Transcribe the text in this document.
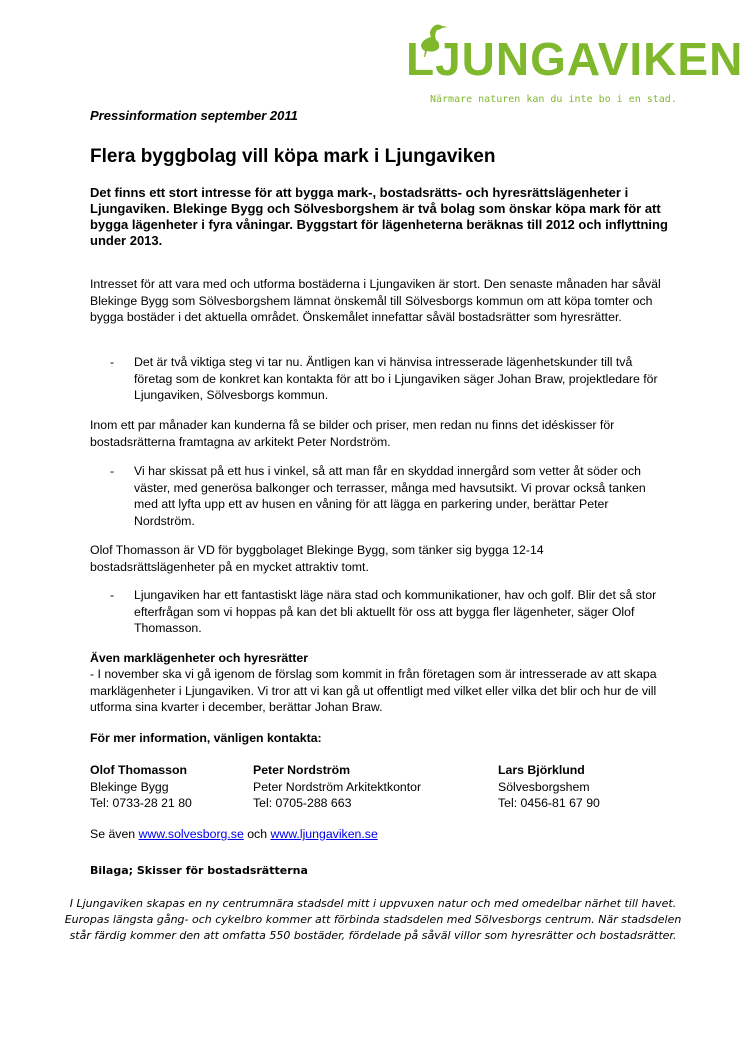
LJUNGAVIKEN
Närmare naturen kan du inte bo i en stad.
Pressinformation september 2011
Flera byggbolag vill köpa mark i Ljungaviken

Det finns ett stort intresse för att bygga mark-, bostadsrätts- och hyresrättslägenheter i Ljungaviken. Blekinge Bygg och Sölvesborgshem är två bolag som önskar köpa mark för att bygga lägenheter i fyra våningar. Byggstart för lägenheterna beräknas till 2012 och inflyttning under 2013.

Intresset för att vara med och utforma bostäderna i Ljungaviken är stort. Den senaste månaden har såväl Blekinge Bygg som Sölvesborgshem lämnat önskemål till Sölvesborgs kommun om att köpa tomter och bygga bostäder i det aktuella området. Önskemålet innefattar såväl bostadsrätter som hyresrätter.

- Det är två viktiga steg vi tar nu. Äntligen kan vi hänvisa intresserade lägenhetskunder till två företag som de konkret kan kontakta för att bo i Ljungaviken säger Johan Braw, projektledare för Ljungaviken, Sölvesborgs kommun.

Inom ett par månader kan kunderna få se bilder och priser, men redan nu finns det idéskisser för bostadsrätterna framtagna av arkitekt Peter Nordström.

- Vi har skissat på ett hus i vinkel, så att man får en skyddad innergård som vetter åt söder och väster, med generösa balkonger och terrasser, många med havsutsikt. Vi provar också tanken med att lyfta upp ett av husen en våning för att lägga en parkering under, berättar Peter Nordström.

Olof Thomasson är VD för byggbolaget Blekinge Bygg, som tänker sig bygga 12-14 bostadsrättslägenheter på en mycket attraktiv tomt.

- Ljungaviken har ett fantastiskt läge nära stad och kommunikationer, hav och golf. Blir det så stor efterfrågan som vi hoppas på kan det bli aktuellt för oss att bygga fler lägenheter, säger Olof Thomasson.
Även marklägenheter och hyresrätter

- I november ska vi gå igenom de förslag som kommit in från företagen som är intresserade av att skapa marklägenheter i Ljungaviken. Vi tror att vi kan gå ut offentligt med vilket eller vilka det blir och hur de vill utforma sina kvarter i december, berättar Johan Braw.

För mer information, vänligen kontakta:
Olof Thomasson
Blekinge Bygg
Tel: 0733-28 21 80
Peter Nordström
Peter Nordström Arkitektkontor
Tel: 0705-288 663
Lars Björklund
Sölvesborgshem
Tel: 0456-81 67 90
Se även www.solvesborg.se och www.ljungaviken.se
Bilaga; Skisser för bostadsrätterna

I Ljungaviken skapas en ny centrumnära stadsdel mitt i uppvuxen natur och med omedelbar närhet till havet. Europas längsta gång- och cykelbro kommer att förbinda stadsdelen med Sölvesborgs centrum. När stadsdelen står färdig kommer den att omfatta 550 bostäder, fördelade på såväl villor som hyresrätter och bostadsrätter.
